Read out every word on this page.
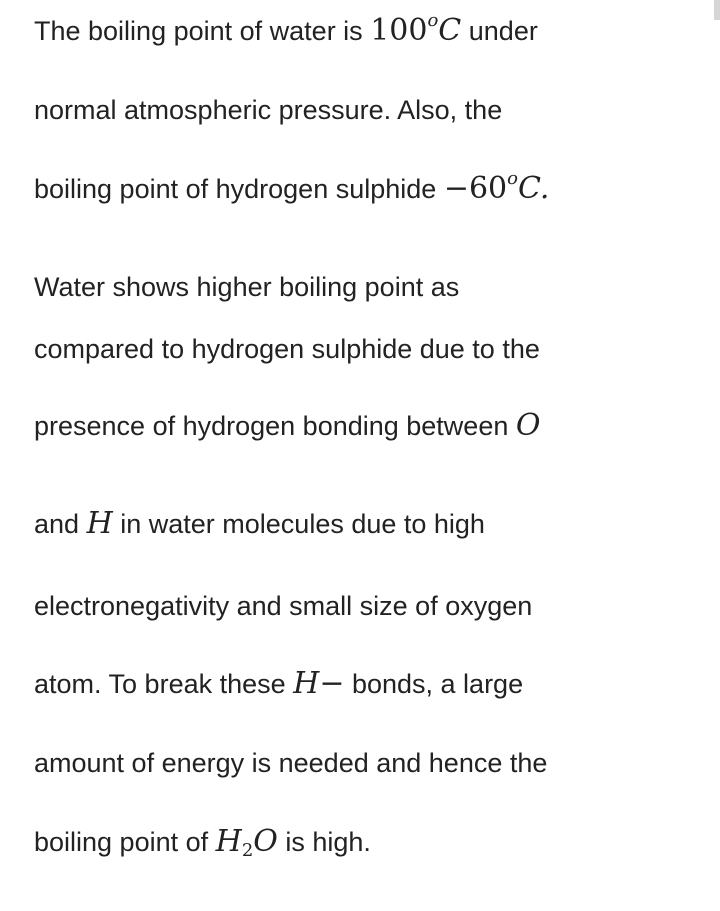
The boiling point of water is 100$^o$C under
normal atmospheric pressure. Also, the
boiling point of hydrogen sulphide $-60^oC$.
Water shows higher boiling point as
compared to hydrogen sulphide due to the
presence of hydrogen bonding between O
and H in water molecules due to high
electronegativity and small size of oxygen
atom. To break these H− bonds, a large
amount of energy is needed and hence the
boiling point of $H_2O$ is high.
